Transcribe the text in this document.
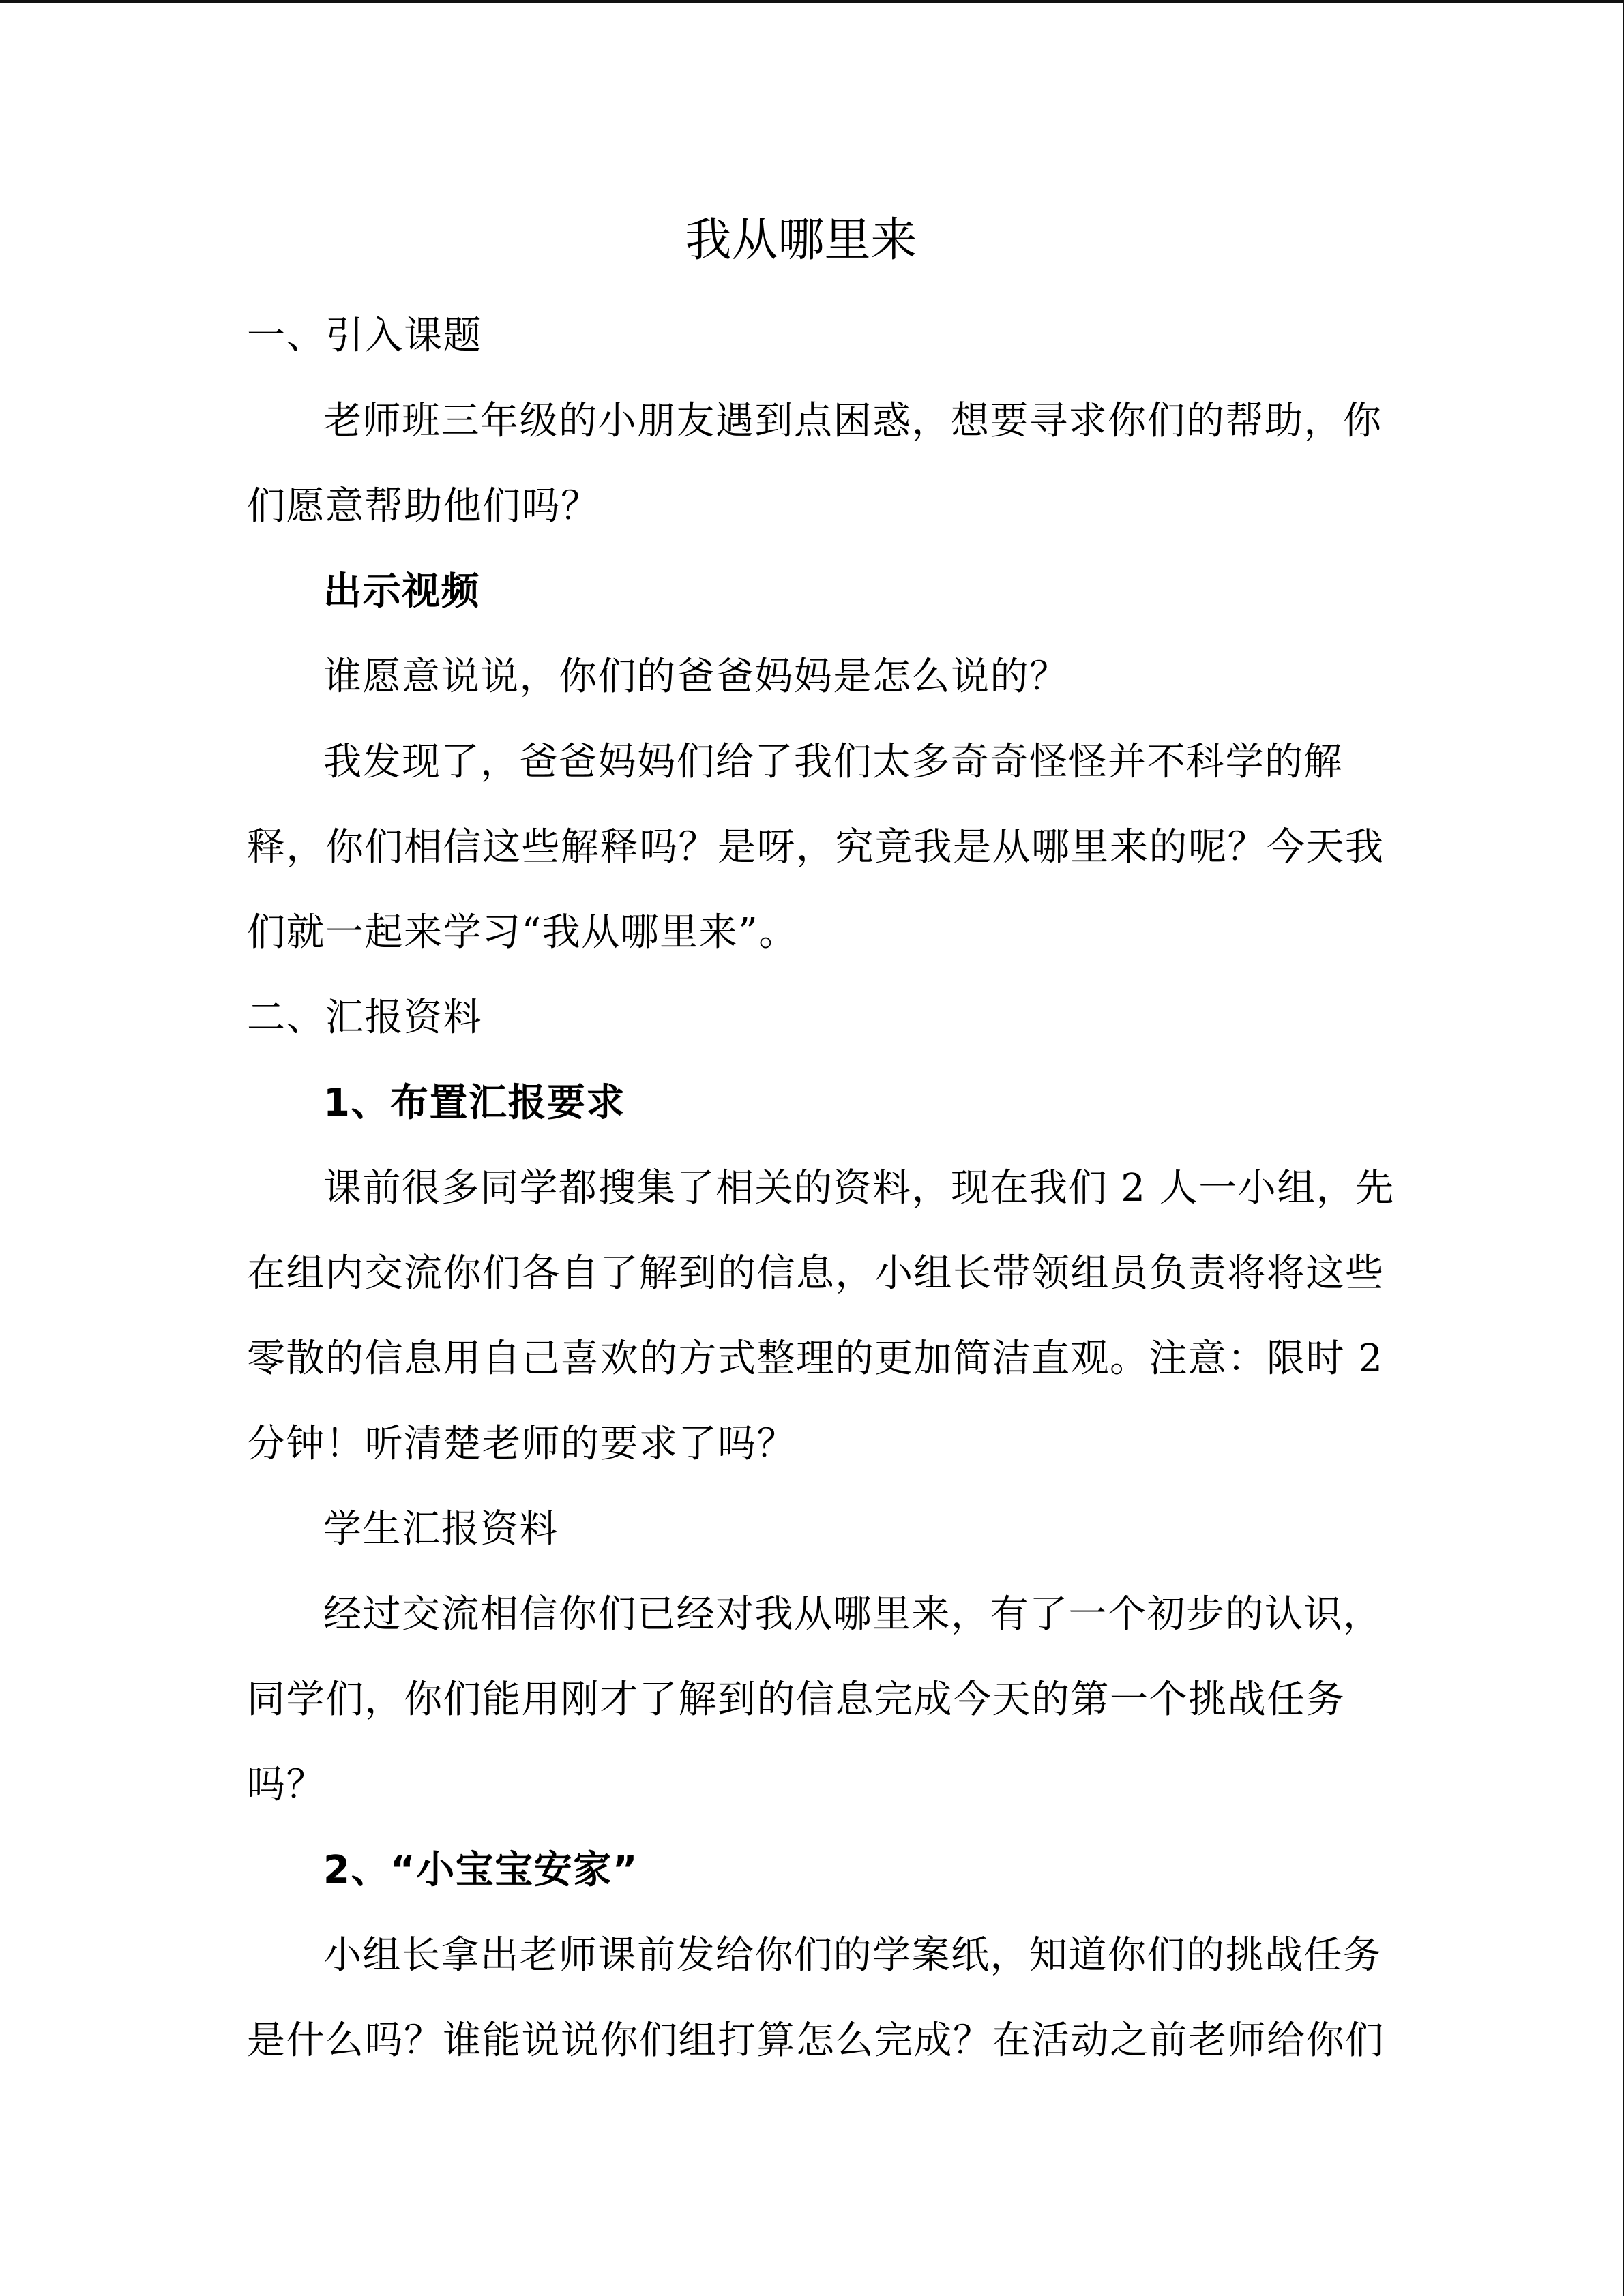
我从哪里来
一、引入课题
老师班三年级的小朋友遇到点困惑，想要寻求你们的帮助，你
们愿意帮助他们吗？
出示视频
谁愿意说说，你们的爸爸妈妈是怎么说的？
我发现了，爸爸妈妈们给了我们太多奇奇怪怪并不科学的解
释，你们相信这些解释吗？是呀，究竟我是从哪里来的呢？今天我
们就一起来学习“我从哪里来”。
二、汇报资料
1、布置汇报要求
课前很多同学都搜集了相关的资料，现在我们 2 人一小组，先
在组内交流你们各自了解到的信息，小组长带领组员负责将将这些
零散的信息用自己喜欢的方式整理的更加简洁直观。注意：限时 2
分钟！听清楚老师的要求了吗？
学生汇报资料
经过交流相信你们已经对我从哪里来，有了一个初步的认识，
同学们，你们能用刚才了解到的信息完成今天的第一个挑战任务
吗？
2、“小宝宝安家”
小组长拿出老师课前发给你们的学案纸，知道你们的挑战任务
是什么吗？谁能说说你们组打算怎么完成？在活动之前老师给你们
